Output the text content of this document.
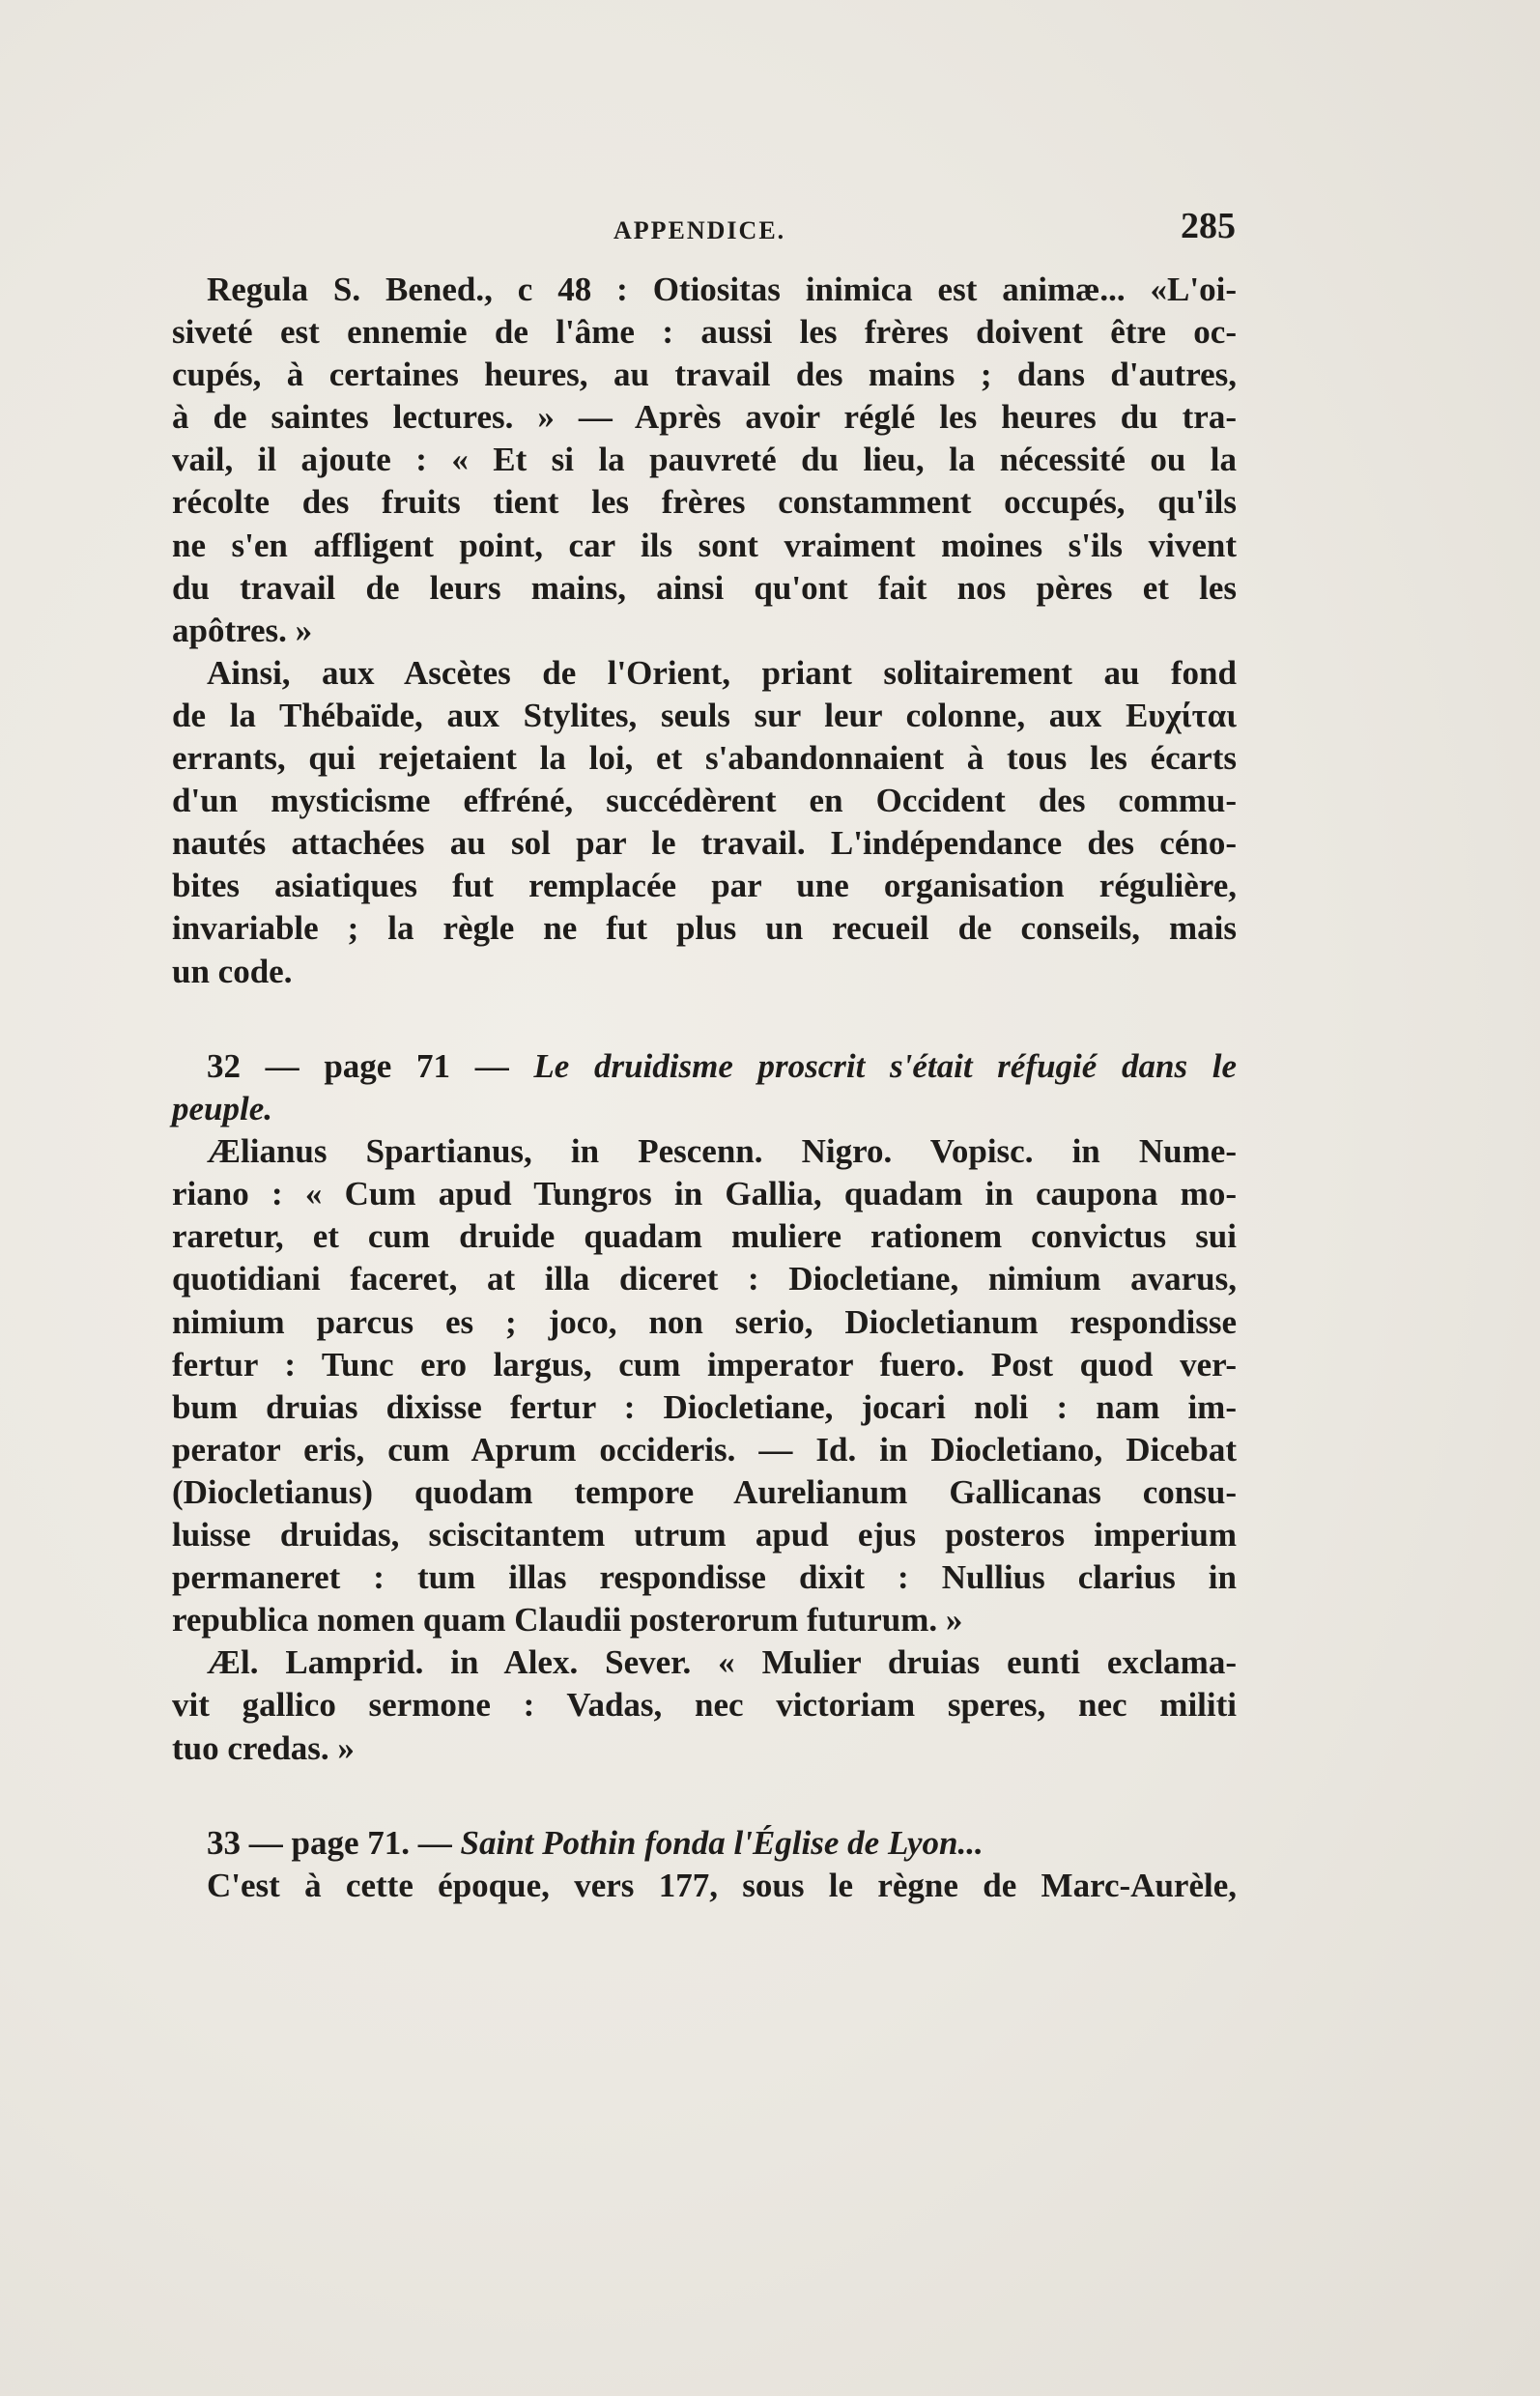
APPENDICE.	285
Regula S. Bened., c 48 : Otiositas inimica est animæ... «L'oi-
siveté est ennemie de l'âme : aussi les frères doivent être oc-
cupés, à certaines heures, au travail des mains ; dans d'autres,
à de saintes lectures. » — Après avoir réglé les heures du tra-
vail, il ajoute : « Et si la pauvreté du lieu, la nécessité ou la
récolte des fruits tient les frères constamment occupés, qu'ils
ne s'en affligent point, car ils sont vraiment moines s'ils vivent
du travail de leurs mains, ainsi qu'ont fait nos pères et les
apôtres. »
Ainsi, aux Ascètes de l'Orient, priant solitairement au fond
de la Thébaïde, aux Stylites, seuls sur leur colonne, aux Ευχίται
errants, qui rejetaient la loi, et s'abandonnaient à tous les écarts
d'un mysticisme effréné, succédèrent en Occident des commu-
nautés attachées au sol par le travail. L'indépendance des céno-
bites asiatiques fut remplacée par une organisation régulière,
invariable ; la règle ne fut plus un recueil de conseils, mais
un code.
32 — page 71 — Le druidisme proscrit s'était réfugié dans le
peuple.
Ælianus Spartianus, in Pescenn. Nigro. Vopisc. in Nume-
riano : « Cum apud Tungros in Gallia, quadam in caupona mo-
raretur, et cum druide quadam muliere rationem convictus sui
quotidiani faceret, at illa diceret : Diocletiane, nimium avarus,
nimium parcus es ; joco, non serio, Diocletianum respondisse
fertur : Tunc ero largus, cum imperator fuero. Post quod ver-
bum druias dixisse fertur : Diocletiane, jocari noli : nam im-
perator eris, cum Aprum occideris. — Id. in Diocletiano, Dicebat
(Diocletianus) quodam tempore Aurelianum Gallicanas consu-
luisse druidas, sciscitantem utrum apud ejus posteros imperium
permaneret : tum illas respondisse dixit : Nullius clarius in
republica nomen quam Claudii posterorum futurum. »
Æl. Lamprid. in Alex. Sever. « Mulier druias eunti exclama-
vit gallico sermone : Vadas, nec victoriam speres, nec militi
tuo credas. »
33 — page 71. — Saint Pothin fonda l'Église de Lyon...
C'est à cette époque, vers 177, sous le règne de Marc-Aurèle,
